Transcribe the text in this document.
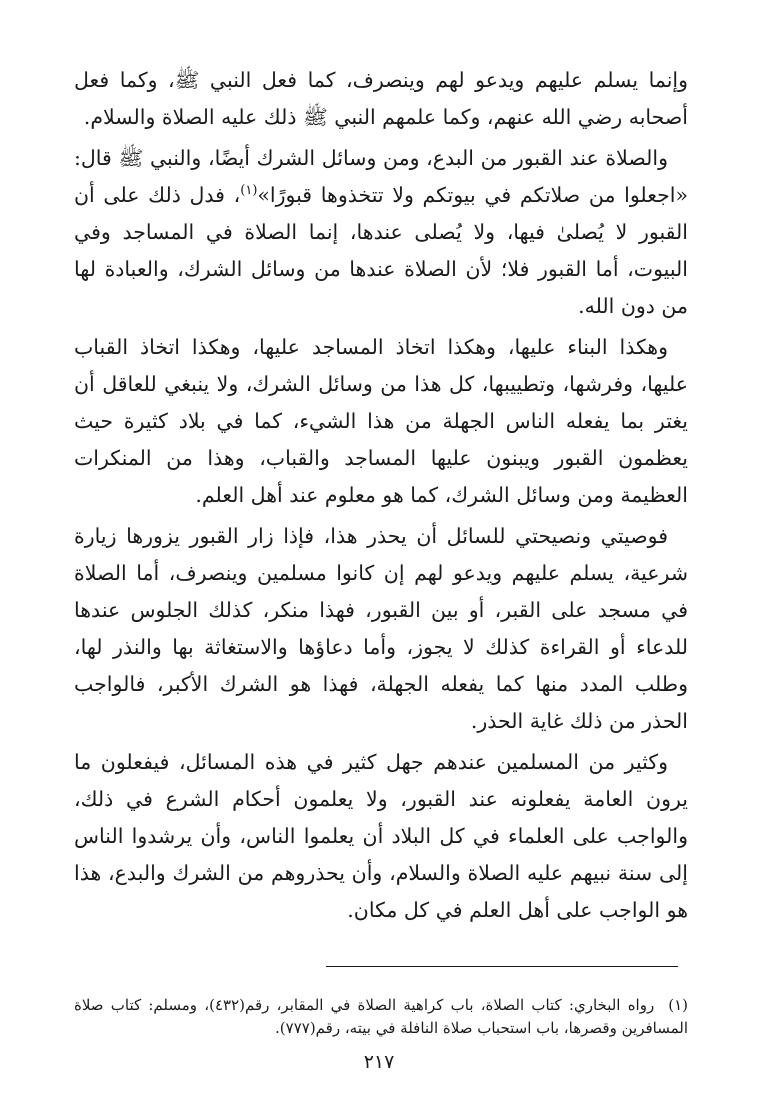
وإنما يسلم عليهم ويدعو لهم وينصرف، كما فعل النبي ﷺ، وكما فعل أصحابه رضي الله عنهم، وكما علمهم النبي ﷺ ذلك عليه الصلاة والسلام.

والصلاة عند القبور من البدع، ومن وسائل الشرك أيضًا، والنبي ﷺ قال: «اجعلوا من صلاتكم في بيوتكم ولا تتخذوها قبورًا»$^{(١)}$، فدل ذلك على أن القبور لا يُصلىٰ فيها، ولا يُصلى عندها، إنما الصلاة في المساجد وفي البيوت، أما القبور فلا؛ لأن الصلاة عندها من وسائل الشرك، والعبادة لها من دون الله.

وهكذا البناء عليها، وهكذا اتخاذ المساجد عليها، وهكذا اتخاذ القباب عليها، وفرشها، وتطييبها، كل هذا من وسائل الشرك، ولا ينبغي للعاقل أن يغتر بما يفعله الناس الجهلة من هذا الشيء، كما في بلاد كثيرة حيث يعظمون القبور ويبنون عليها المساجد والقباب، وهذا من المنكرات العظيمة ومن وسائل الشرك، كما هو معلوم عند أهل العلم.

فوصيتي ونصيحتي للسائل أن يحذر هذا، فإذا زار القبور يزورها زيارة شرعية، يسلم عليهم ويدعو لهم إن كانوا مسلمين وينصرف، أما الصلاة في مسجد على القبر، أو بين القبور، فهذا منكر، كذلك الجلوس عندها للدعاء أو القراءة كذلك لا يجوز، وأما دعاؤها والاستغاثة بها والنذر لها، وطلب المدد منها كما يفعله الجهلة، فهذا هو الشرك الأكبر، فالواجب الحذر من ذلك غاية الحذر.

وكثير من المسلمين عندهم جهل كثير في هذه المسائل، فيفعلون ما يرون العامة يفعلونه عند القبور، ولا يعلمون أحكام الشرع في ذلك، والواجب على العلماء في كل البلاد أن يعلموا الناس، وأن يرشدوا الناس إلى سنة نبيهم عليه الصلاة والسلام، وأن يحذروهم من الشرك والبدع، هذا هو الواجب على أهل العلم في كل مكان.

(١)رواه البخاري: كتاب الصلاة، باب كراهية الصلاة في المقابر، رقم(٤٣٢)، ومسلم: كتاب صلاة المسافرين وقصرها، باب استحباب صلاة النافلة في بيته، رقم(٧٧٧).

٢١٧
